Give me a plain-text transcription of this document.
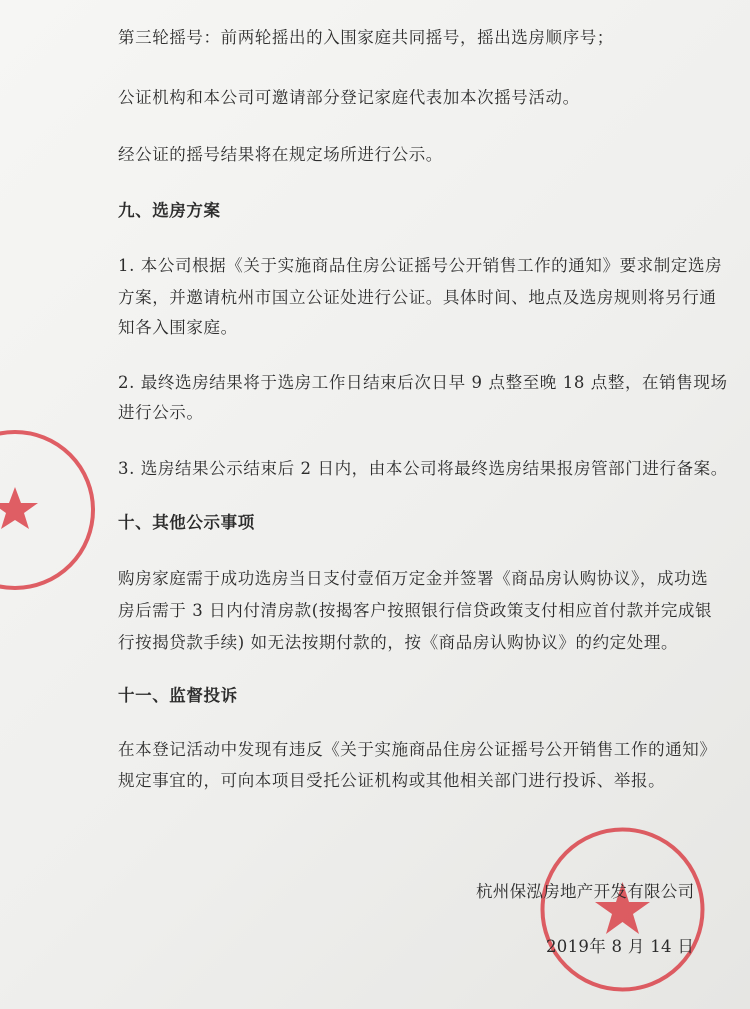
第三轮摇号：前两轮摇出的入围家庭共同摇号，摇出选房顺序号；
公证机构和本公司可邀请部分登记家庭代表加本次摇号活动。
经公证的摇号结果将在规定场所进行公示。
九、选房方案
1. 本公司根据《关于实施商品住房公证摇号公开销售工作的通知》要求制定选房
方案，并邀请杭州市国立公证处进行公证。具体时间、地点及选房规则将另行通
知各入围家庭。
2. 最终选房结果将于选房工作日结束后次日早 9 点整至晚 18 点整，在销售现场
进行公示。
3. 选房结果公示结束后 2 日内，由本公司将最终选房结果报房管部门进行备案。
十、其他公示事项
购房家庭需于成功选房当日支付壹佰万定金并签署《商品房认购协议》，成功选
房后需于 3 日内付清房款(按揭客户按照银行信贷政策支付相应首付款并完成银
行按揭贷款手续) 如无法按期付款的，按《商品房认购协议》的约定处理。
十一、监督投诉
在本登记活动中发现有违反《关于实施商品住房公证摇号公开销售工作的通知》
规定事宜的，可向本项目受托公证机构或其他相关部门进行投诉、举报。
杭州保泓房地产开发有限公司
2019年 8 月 14 日
